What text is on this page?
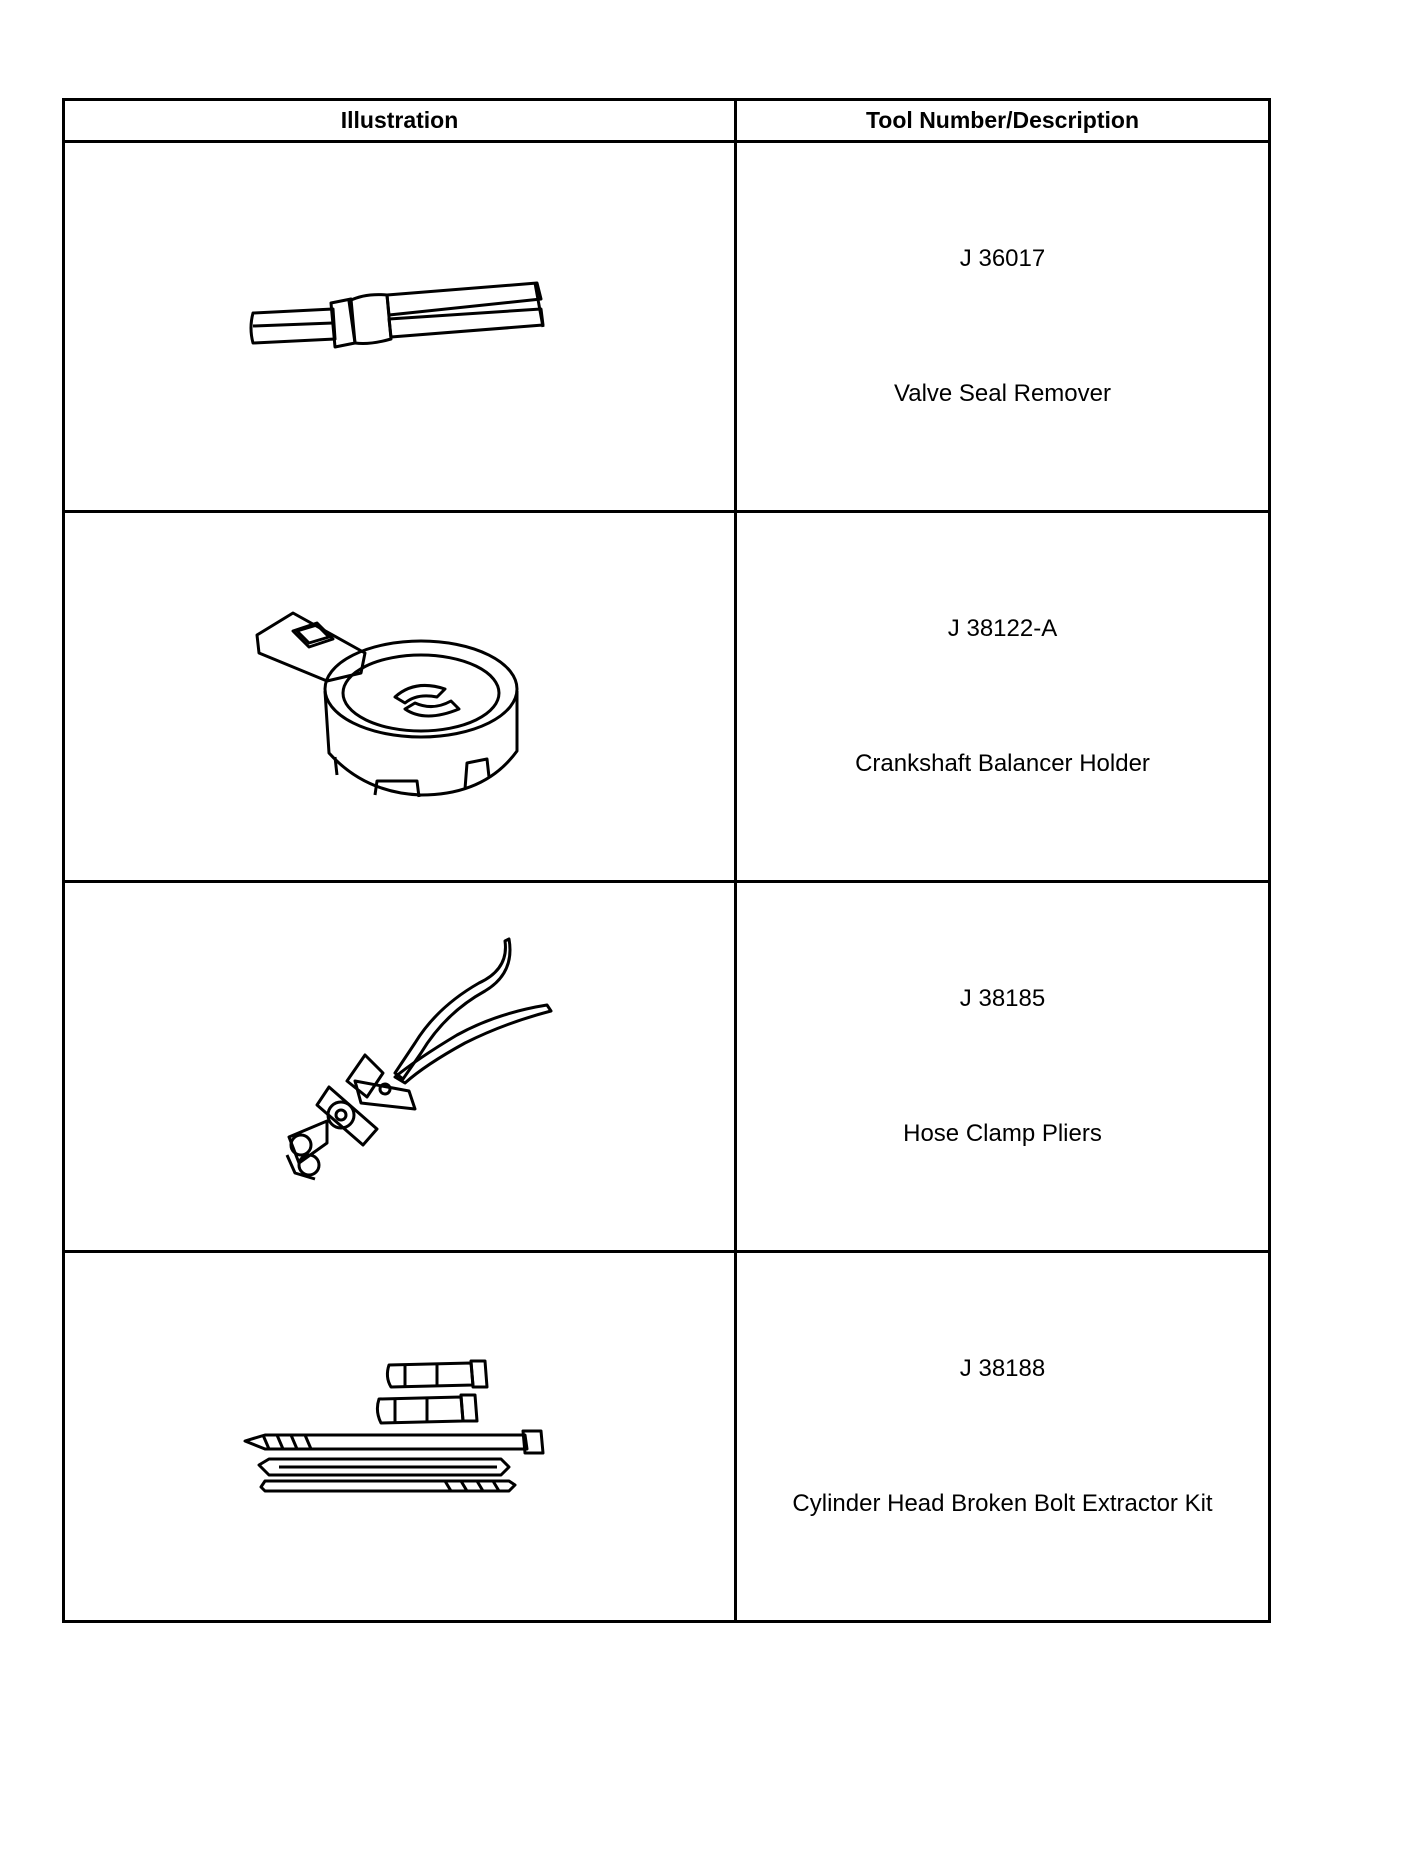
Illustration	Tool Number/Description

J 36017
Valve Seal Remover

J 38122-A
Crankshaft Balancer Holder

J 38185
Hose Clamp Pliers

J 38188
Cylinder Head Broken Bolt Extractor Kit
